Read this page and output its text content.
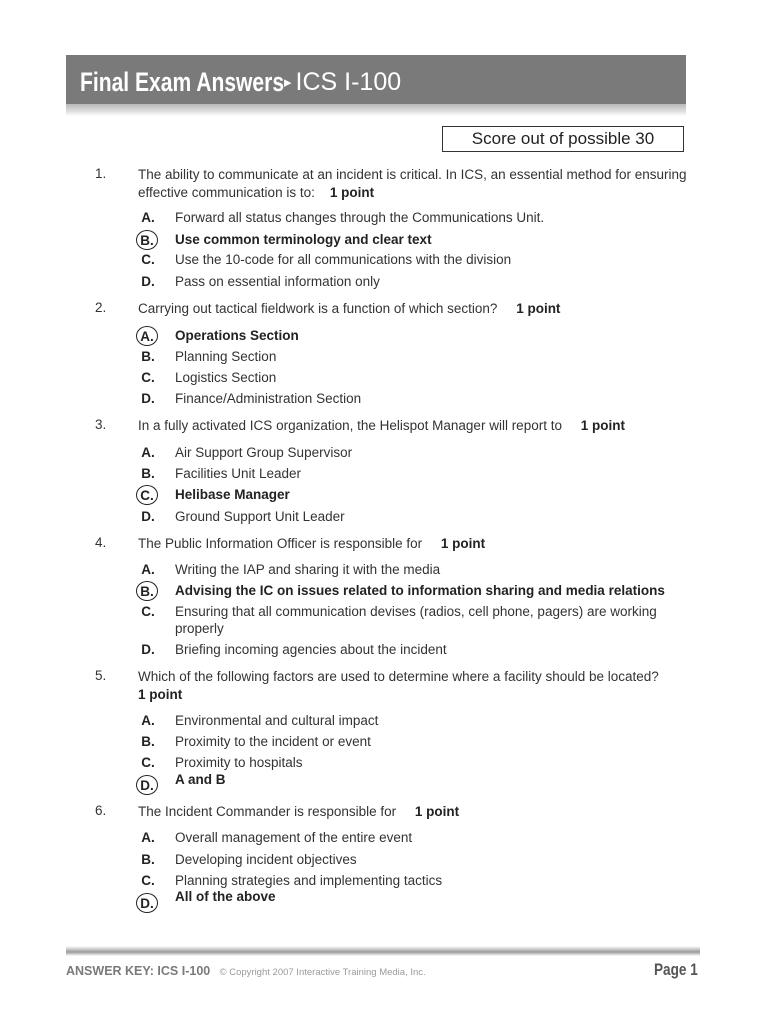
Final Exam Answers ▸ ICS I-100
Score out of possible 30
1. The ability to communicate at an incident is critical. In ICS, an essential method for ensuring effective communication is to: 1 point
A.	Forward all status changes through the Communications Unit.
B.	Use common terminology and clear text
C.	Use the 10-code for all communications with the division
D.	Pass on essential information only
2. Carrying out tactical fieldwork is a function of which section? 1 point
A.	Operations Section
B.	Planning Section
C.	Logistics Section
D.	Finance/Administration Section
3. In a fully activated ICS organization, the Helispot Manager will report to 1 point
A.	Air Support Group Supervisor
B.	Facilities Unit Leader
C.	Helibase Manager
D.	Ground Support Unit Leader
4. The Public Information Officer is responsible for 1 point
A.	Writing the IAP and sharing it with the media
B.	Advising the IC on issues related to information sharing and media relations
C.	Ensuring that all communication devises (radios, cell phone, pagers) are working properly
D.	Briefing incoming agencies about the incident
5. Which of the following factors are used to determine where a facility should be located?
1 point
A.	Environmental and cultural impact
B.	Proximity to the incident or event
C.	Proximity to hospitals
D.	A and B
6. The Incident Commander is responsible for 1 point
A.	Overall management of the entire event
B.	Developing incident objectives
C.	Planning strategies and implementing tactics
D.	All of the above
ANSWER KEY: ICS I-100 © Copyright 2007 Interactive Training Media, Inc.	Page 1
